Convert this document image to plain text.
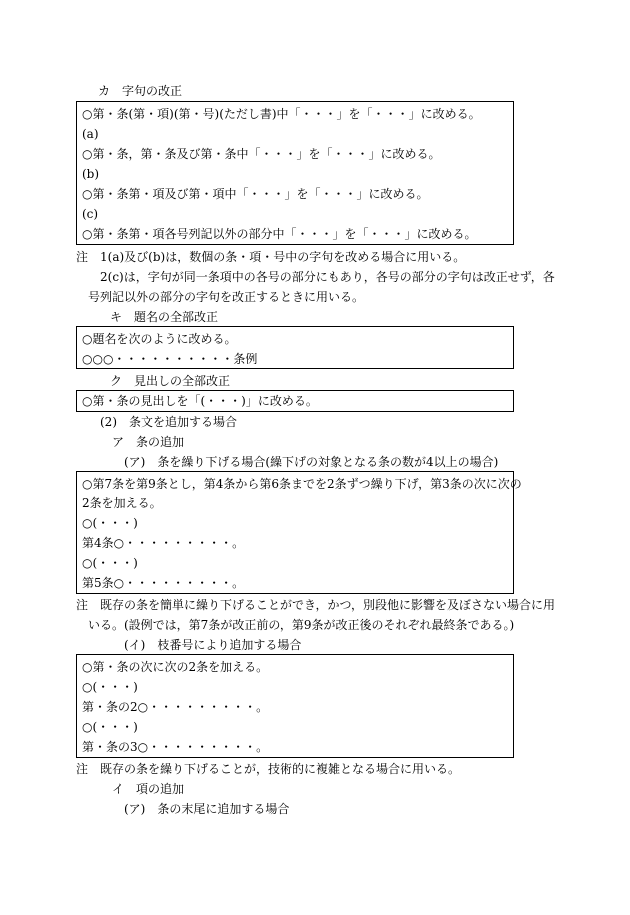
カ　字句の改正
○第・条(第・項)(第・号)(ただし書)中「・・・」を「・・・」に改める。
(a)
○第・条，第・条及び第・条中「・・・」を「・・・」に改める。
(b)
○第・条第・項及び第・項中「・・・」を「・・・」に改める。
(c)
○第・条第・項各号列記以外の部分中「・・・」を「・・・」に改める。
注　1(a)及び(b)は，数個の条・項・号中の字句を改める場合に用いる。
2(c)は，字句が同一条項中の各号の部分にもあり，各号の部分の字句は改正せず，各
号列記以外の部分の字句を改正するときに用いる。
キ　題名の全部改正
○題名を次のように改める。
○○○・・・・・・・・・・条例
ク　見出しの全部改正
○第・条の見出しを「(・・・)」に改める。
(2)　条文を追加する場合
ア　条の追加
(ア)　条を繰り下げる場合(繰下げの対象となる条の数が4以上の場合)
○第7条を第9条とし，第4条から第6条までを2条ずつ繰り下げ，第3条の次に次の
2条を加える。
○(・・・)
第4条○・・・・・・・・・。
○(・・・)
第5条○・・・・・・・・・。
注　既存の条を簡単に繰り下げることができ，かつ，別段他に影響を及ぼさない場合に用
いる。(設例では，第7条が改正前の，第9条が改正後のそれぞれ最終条である。)
(イ)　枝番号により追加する場合
○第・条の次に次の2条を加える。
○(・・・)
第・条の2○・・・・・・・・・。
○(・・・)
第・条の3○・・・・・・・・・。
注　既存の条を繰り下げることが，技術的に複雑となる場合に用いる。
イ　項の追加
(ア)　条の末尾に追加する場合
